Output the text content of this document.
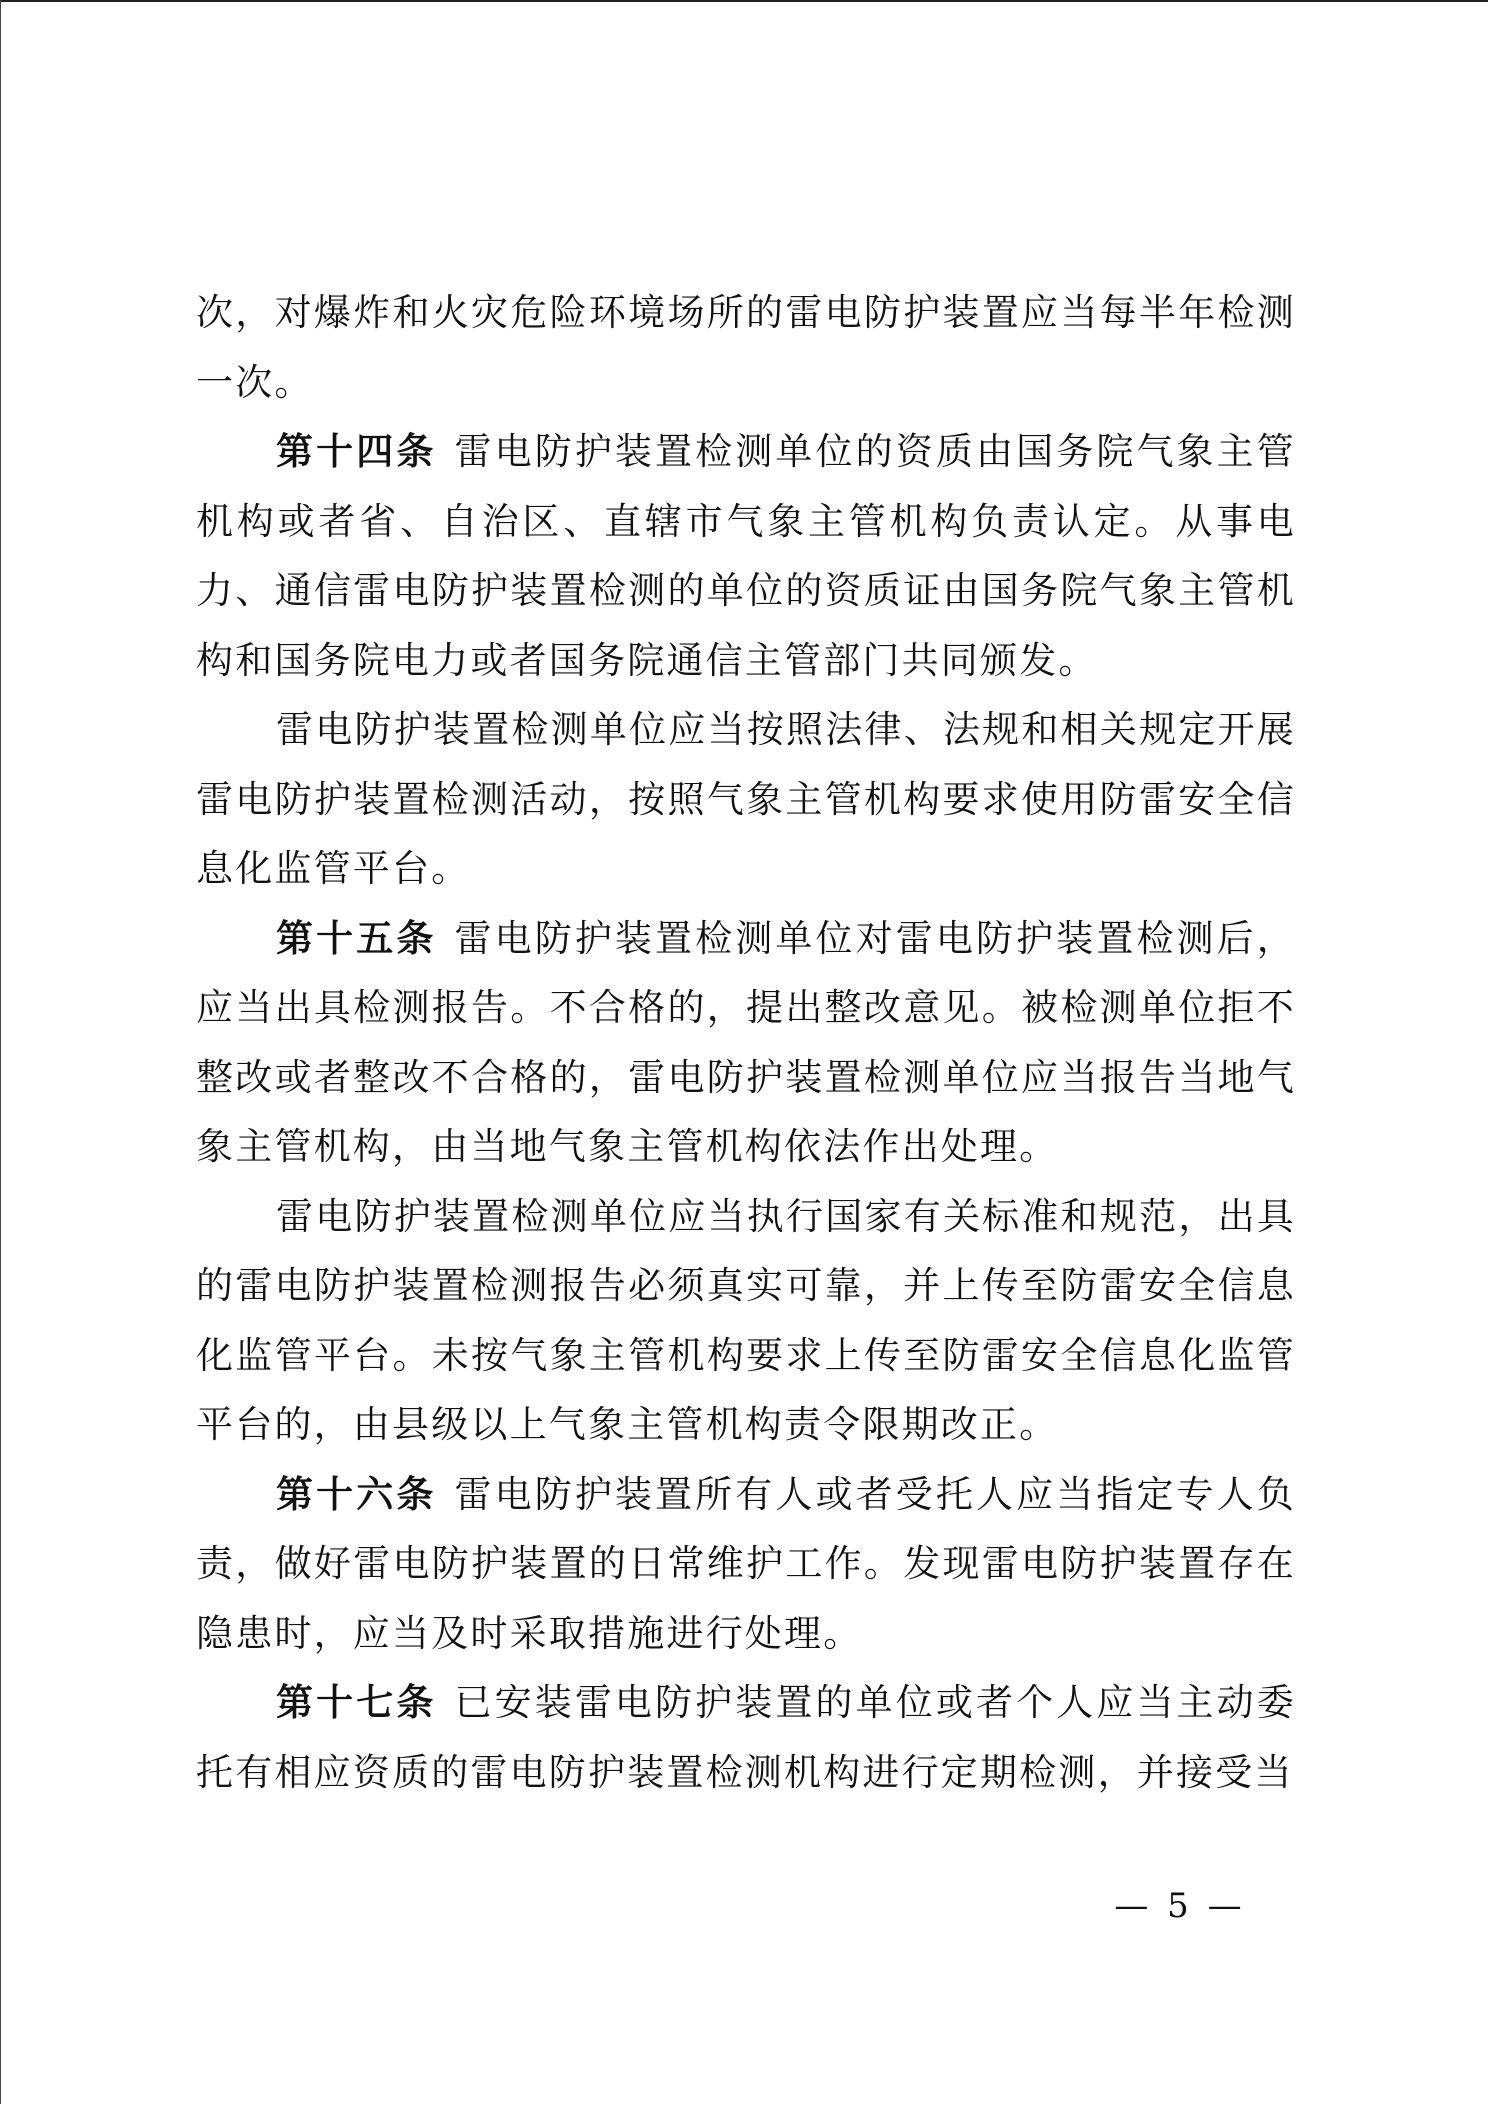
次，对爆炸和火灾危险环境场所的雷电防护装置应当每半年检测一次。

第十四条 雷电防护装置检测单位的资质由国务院气象主管机构或者省、自治区、直辖市气象主管机构负责认定。从事电力、通信雷电防护装置检测的单位的资质证由国务院气象主管机构和国务院电力或者国务院通信主管部门共同颁发。

雷电防护装置检测单位应当按照法律、法规和相关规定开展雷电防护装置检测活动，按照气象主管机构要求使用防雷安全信息化监管平台。

第十五条 雷电防护装置检测单位对雷电防护装置检测后，应当出具检测报告。不合格的，提出整改意见。被检测单位拒不整改或者整改不合格的，雷电防护装置检测单位应当报告当地气象主管机构，由当地气象主管机构依法作出处理。

雷电防护装置检测单位应当执行国家有关标准和规范，出具的雷电防护装置检测报告必须真实可靠，并上传至防雷安全信息化监管平台。未按气象主管机构要求上传至防雷安全信息化监管平台的，由县级以上气象主管机构责令限期改正。

第十六条 雷电防护装置所有人或者受托人应当指定专人负责，做好雷电防护装置的日常维护工作。发现雷电防护装置存在隐患时，应当及时采取措施进行处理。

第十七条 已安装雷电防护装置的单位或者个人应当主动委托有相应资质的雷电防护装置检测机构进行定期检测，并接受当

— 5 —
